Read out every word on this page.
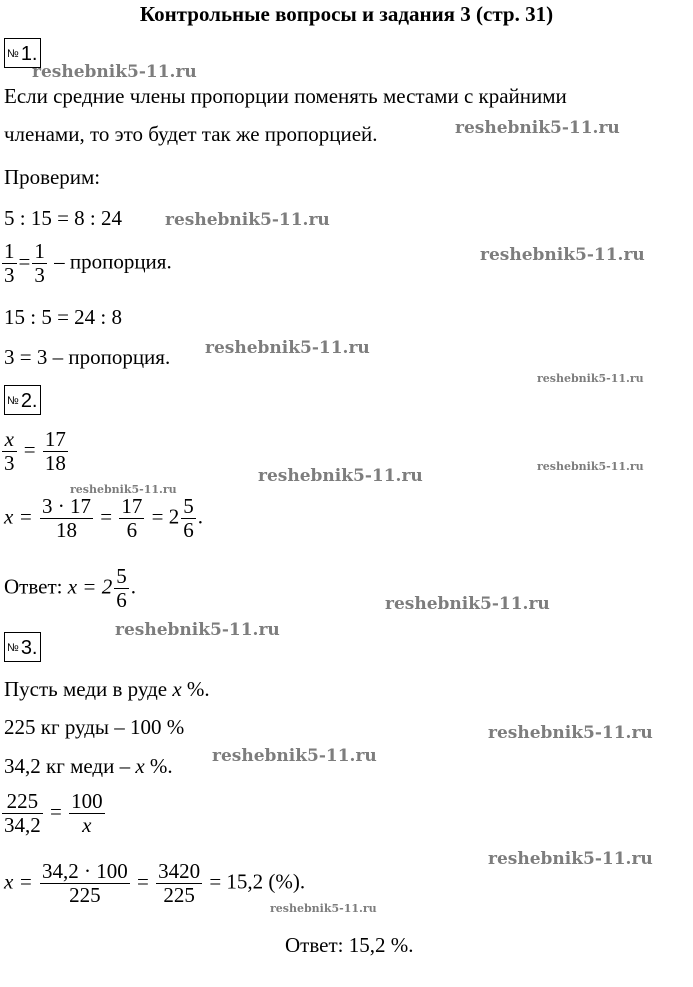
Контрольные вопросы и задания 3 (стр. 31)
№ 1.
Если средние члены пропорции поменять местами с крайними
членами, то это будет так же пропорцией.
Проверим:
5 : 15 = 8 : 24
$\frac{1}{3} = \frac{1}{3}$ – пропорция.
15 : 5 = 24 : 8
3 = 3 – пропорция.
№ 2.
$\frac{x}{3} = \frac{17}{18}$
$x = \frac{3 \cdot 17}{18} = \frac{17}{6} = 2 \frac{5}{6}$ .
Ответ: $x = 2 \frac{5}{6}$ .
№ 3.
Пусть меди в руде x %.
225 кг руды – 100 %
34,2 кг меди – x %.
$\frac{225}{34,2} = \frac{100}{x}$
$x = \frac{34,2 \cdot 100}{225} = \frac{3420}{225} = 15,2$ (%).
Ответ: 15,2 %.
reshebnik5-11.ru
reshebnik5-11.ru
reshebnik5-11.ru
reshebnik5-11.ru
reshebnik5-11.ru
reshebnik5-11.ru
reshebnik5-11.ru
reshebnik5-11.ru
reshebnik5-11.ru
reshebnik5-11.ru
reshebnik5-11.ru
reshebnik5-11.ru
reshebnik5-11.ru
reshebnik5-11.ru
reshebnik5-11.ru
